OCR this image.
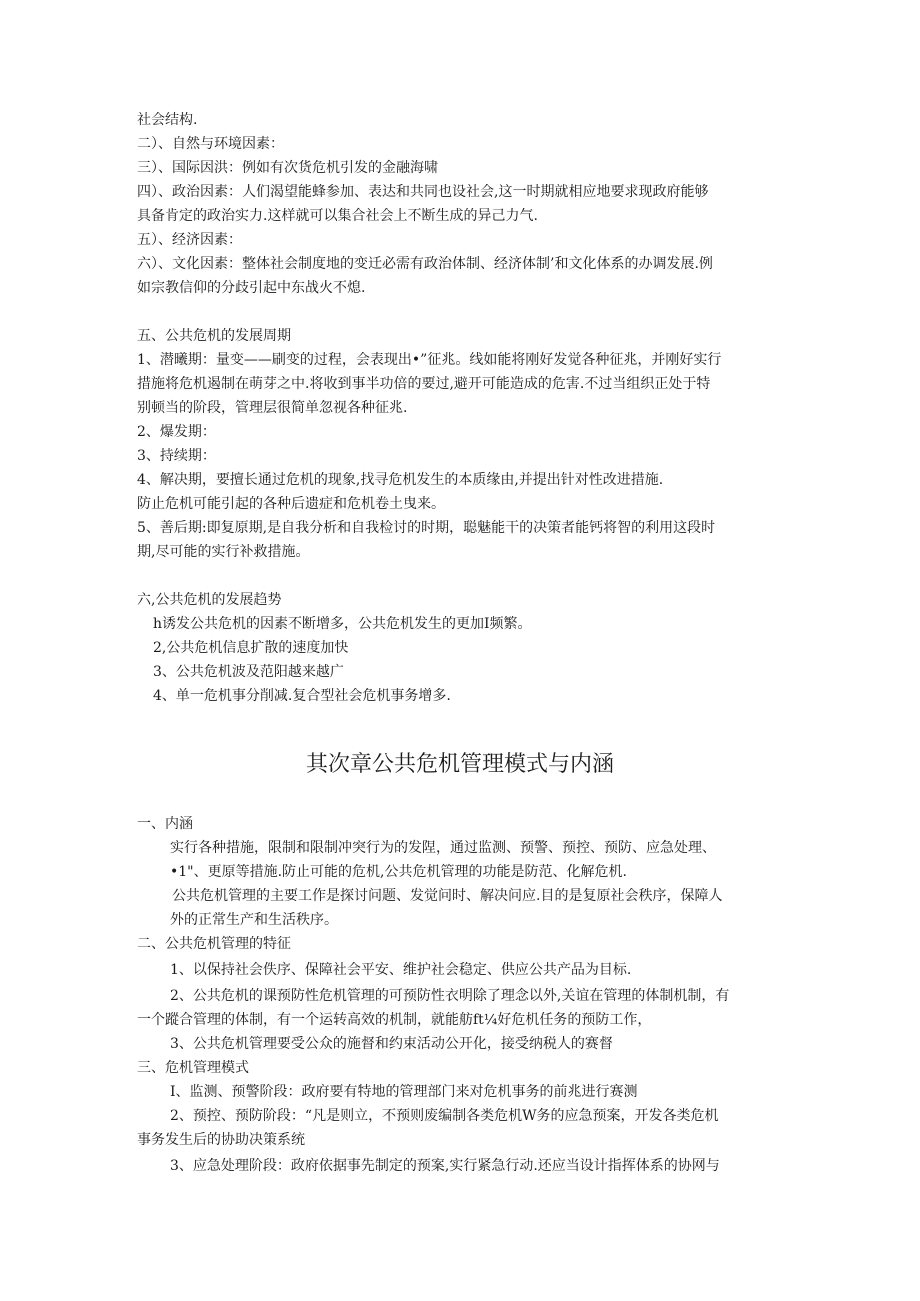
社会结构.
二）、自然与环境因素：
三）、国际因洪：例如有次货危机引发的金融海啸
四）、政治因素：人们渴望能蜂参加、表达和共同也设社会,这一时期就相应地要求现政府能够
具备肯定的政治实力.这样就可以集合社会上不断生成的异己力气.
五）、经济因素：
六）、文化因素：整体社会制度地的变迁必需有政治体制、经济体制’和文化体系的办调发展.例
如宗教信仰的分歧引起中东战火不熄.
五、公共危机的发展周期
1、潜曦期：量变——刷变的过程，会表现出•”征兆。线如能将刚好发觉各种征兆，并刚好实行
措施将危机遏制在萌芽之中.将收到事半功倍的要过,避开可能造成的危害.不过当组织正处于特
别顿当的阶段，管理层很简单忽视各种征兆.
2、爆发期：
3、持续期：
4、解决期，要擅长通过危机的现象,找寻危机发生的本质缘由,并提出针对性改进措施.
防止危机可能引起的各种后遗症和危机卷土曳来。
5、善后期:即复原期,是自我分析和自我检讨的时期，聪魅能干的决策者能钙将智的利用这段时
期,尽可能的实行补救措施。
六,公共危机的发展趋势
h诱发公共危机的因素不断增多，公共危机发生的更加I频繁。
2,公共危机信息扩散的速度加快
3、公共危机波及范阳越来越广
4、单一危机事分削减.复合型社会危机事务增多.
其次章公共危机管理模式与内涵
一、内涵
实行各种措施，限制和限制冲突行为的发陧，通过监测、预警、预控、预防、应急处理、
•1"、更原等措施.防止可能的危机,公共危机管理的功能是防范、化解危机.
公共危机管理的主要工作是探讨问题、发觉问时、解决问应.目的是复原社会秩序，保障人
外的正常生产和生活秩序。
二、公共危机管理的特征
1、以保持社会佚序、保障社会平安、维护社会稳定、供应公共产品为目标.
2、公共危机的课预防性危机管理的可预防性衣明除了理念以外,关谊在管理的体制机制，有
一个蹤合管理的体制，有一个运转高效的机制，就能舫ft¼好危机任务的预防工作，
3、公共危机管理要受公众的施督和约束活动公开化，接受纳税人的赛督
三、危机管理模式
I、监测、预警阶段：政府要有特地的管理部门来对危机事务的前兆进行赛测
2、预控、预防阶段：“凡是则立，不预则废编制各类危机W务的应急预案，开发各类危机
事务发生后的协助决策系统
3、应急处理阶段：政府依据事先制定的预案,实行紧急行动.还应当设计指挥体系的协网与
